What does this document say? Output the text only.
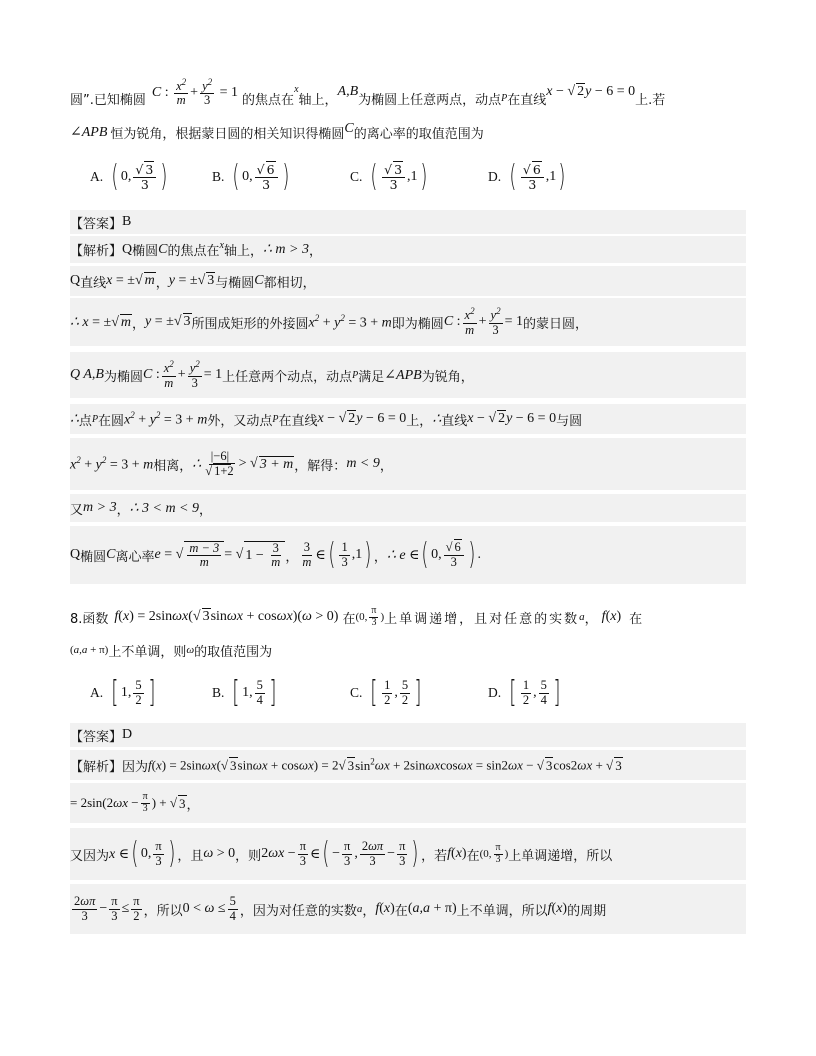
圆”.已知椭圆
C : $\frac{x^2}{m} + \frac{y^2}{3} = 1$
的焦点在
x
轴上，
A,B
为椭圆上任意两点，动点 P 在直线
x − √ 2y − 6 = 0
上.若
∠APB 恒为锐角，根据蒙日圆的相关知识得椭圆 C 的离心率的取值范围为
A. ( 0, $\frac{√ 3}{3}$ )	B. ( 0, $\frac{√ 6}{3}$ )	C. ( $\frac{√ 3}{3} ,1$ )	D. ( $\frac{√ 6}{3} ,1$ )
【答案】 B
【解析】 Q 椭圆 C 的焦点在 x 轴上， ∴ m > 3 ，
Q 直线 x = ±√ m ， y = ±√ 3 与椭圆 C 都相切，
∴ x = ±√ m ， y = ±√ 3 所围成矩形的外接圆 $x^2 + y^2 = 3 + m$ 即为椭圆 C : $\frac{x^2}{m} + \frac{y^2}{3} = 1$ 的蒙日圆，
Q A,B 为椭圆 C : $\frac{x^2}{m} + \frac{y^2}{3} = 1$ 上任意两个动点，动点 P 满足 ∠APB 为锐角，
∴ 点 P 在圆 $x^2 + y^2 = 3 + m$ 外，又动点 P 在直线 x − √ 2y − 6 = 0 上， ∴ 直线 x − √ 2y − 6 = 0 与圆
$x^2 + y^2 = 3 + m$ 相离， ∴ $\frac{|-6|}{√ 1+2}$ > √ 3 + m ，解得： m < 9 ，
又 m > 3 ， ∴ 3 < m < 9 ，
Q 椭圆 C 离心率 e = √ $\frac{m - 3}{m}$ = √ $1 - \frac{3}{m}$ ， $\frac{3}{m}$ ∈ ( $\frac{1}{3} ,1$ ) ， ∴ e ∈ ( 0, $\frac{√ 6}{3}$ ) .
8.函数 f(x) = 2sinωx(√ 3sinωx + cosωx)(ω > 0) 在 (0, $\frac{\pi}{3}$ ) 上单调递增，且对任意的实数 a ， f(x) 在
(a,a + π) 上不单调，则 ω 的取值范围为
A. [ 1, $\frac{5}{2}$ ]	B. [ 1, $\frac{5}{4}$ ]	C. [ $\frac{1}{2}$ , $\frac{5}{2}$ ]	D. [ $\frac{1}{2}$ , $\frac{5}{4}$ ]
【答案】 D
【解析】 因为 f(x) = 2sinωx(√ 3sinωx + cosωx) = 2√ $3\sin^2\omega x + 2\sin\omega xcos\omega x = \sin 2\omega x$ − √ 3cos2ωx + √ 3
= $2\sin(2\omega x - \frac{\pi}{3}$ ) + √ 3 ，
又因为 x ∈ ( 0, $\frac{\pi}{3}$ ) ，且 ω > 0 ，则 $2\omega x - \frac{\pi}{3}$ ∈ ( − $\frac{\pi}{3}$ , $\frac{2\omega\pi}{3} - \frac{\pi}{3}$ ) ，若 f(x) 在 (0, $\frac{\pi}{3}$ ) 上单调递增，所以
$\frac{2\omega\pi}{3} - \frac{\pi}{3} \le \frac{\pi}{2}$ ，所以 $0 < \omega \le \frac{5}{4}$ ，因为对任意的实数 a ， f(x) 在 (a,a + π) 上不单调，所以 f(x) 的周期
